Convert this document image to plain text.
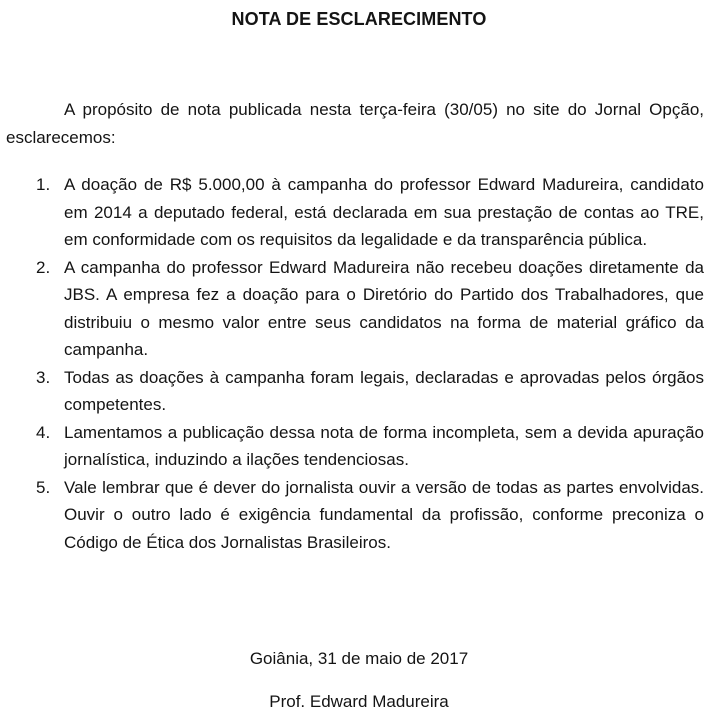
NOTA DE ESCLARECIMENTO

A propósito de nota publicada nesta terça-feira (30/05) no site do Jornal Opção, esclarecemos:

1. A doação de R$ 5.000,00 à campanha do professor Edward Madureira, candidato em 2014 a deputado federal, está declarada em sua prestação de contas ao TRE, em conformidade com os requisitos da legalidade e da transparência pública.
2. A campanha do professor Edward Madureira não recebeu doações diretamente da JBS. A empresa fez a doação para o Diretório do Partido dos Trabalhadores, que distribuiu o mesmo valor entre seus candidatos na forma de material gráfico da campanha.
3. Todas as doações à campanha foram legais, declaradas e aprovadas pelos órgãos competentes.
4. Lamentamos a publicação dessa nota de forma incompleta, sem a devida apuração jornalística, induzindo a ilações tendenciosas.
5. Vale lembrar que é dever do jornalista ouvir a versão de todas as partes envolvidas. Ouvir o outro lado é exigência fundamental da profissão, conforme preconiza o Código de Ética dos Jornalistas Brasileiros.
Goiânia, 31 de maio de 2017
Prof. Edward Madureira
